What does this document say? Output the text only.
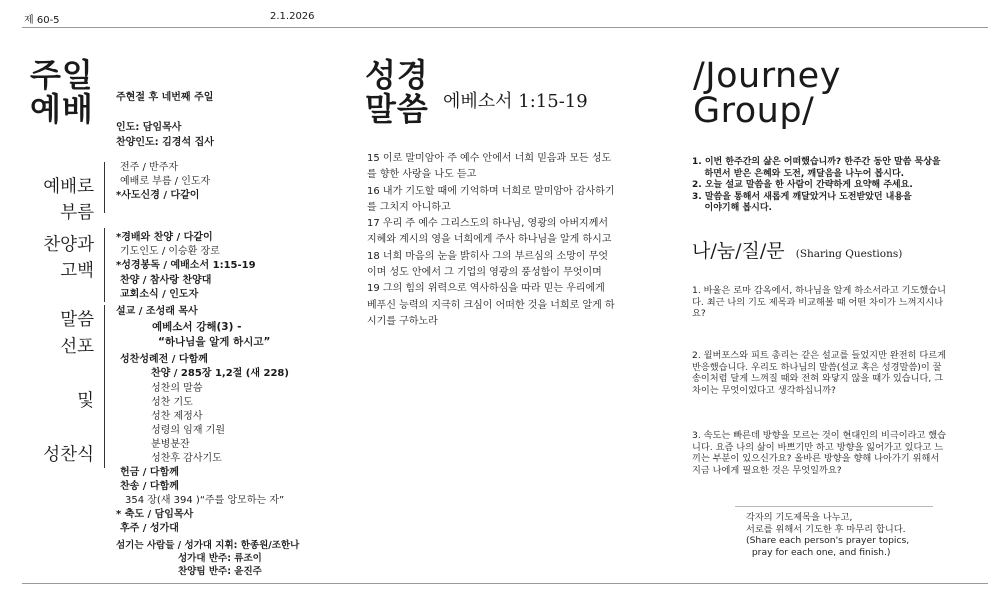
제 60-5	2.1.2026
주일
예배 주현절 후 네번째 주일
인도: 담임목사
찬양인도: 김경석 집사
예배로
부름
찬양과
고백
말씀
선포

및

성찬식
전주 / 반주자
예배로 부름 / 인도자
*사도신경 / 다같이
*경배와 찬양 / 다같이
기도인도 / 이승환 장로
*성경봉독 / 예배소서 1:15-19
찬양 / 참사랑 찬양대
교회소식 / 인도자
설교 / 조성래 목사
예베소서 강해(3) -
“하나님을 알게 하시고”
성찬성례전 / 다함께
찬양 / 285장 1,2절 (새 228)
성찬의 말씀
성찬 기도
성찬 제정사
성령의 임재 기원
분병분잔
성찬후 감사기도
헌금 / 다함께
찬송 / 다함께
354 장(새 394 )“주를 앙모하는 자”
* 축도 / 담임목사
후주 / 성가대
섬기는 사람들 / 성가대 지휘: 한종원/조한나
성가대 반주: 류조이
찬양팀 반주: 윤진주
성경
말씀 에베소서 1:15-19
15 이로 말미암아 주 예수 안에서 너희 믿음과 모든 성도
를 향한 사랑을 나도 듣고
16 내가 기도할 때에 기억하며 너희로 말미암아 감사하기
를 그치지 아니하고
17 우리 주 예수 그리스도의 하나님, 영광의 아버지께서
지혜와 계시의 영을 너희에게 주사 하나님을 알게 하시고
18 너희 마음의 눈을 밝히사 그의 부르심의 소망이 무엇
이며 성도 안에서 그 기업의 영광의 풍성함이 무엇이며
19 그의 힘의 위력으로 역사하심을 따라 믿는 우리에게
베푸신 능력의 지극히 크심이 어떠한 것을 너희로 알게 하
시기를 구하노라
/Journey
Group/
1. 이번 한주간의 삶은 어떠했습니까? 한주간 동안 말씀 묵상을
하면서 받은 은혜와 도전, 깨달음을 나누어 봅시다.
2. 오늘 설교 말씀을 한 사람이 간략하게 요약해 주세요.
3. 말씀을 통해서 새롭게 깨달았거나 도전받았던 내용을
이야기해 봅시다.
나/눔/질/문 (Sharing Questions)
1. 바울은 로마 감옥에서, 하나님을 알게 하소서라고 기도했습니
다. 최근 나의 기도 제목과 비교해볼 때 어떤 차이가 느껴지시나
요?
2. 윌버포스와 피트 총리는 같은 설교를 들었지만 완전히 다르게
반응했습니다. 우리도 하나님의 말씀(설교 혹은 성경말씀)이 꿀
송이처럼 달게 느껴질 때와 전혀 와닿지 않을 때가 있습니다, 그
차이는 무엇이었다고 생각하십니까?
3. 속도는 빠른데 방향을 모르는 것이 현대인의 비극이라고 했습
니다. 요즘 나의 삶이 바쁘기만 하고 방향을 잃어가고 있다고 느
끼는 부분이 있으신가요? 올바른 방향을 향해 나아가기 위해서
지금 나에게 필요한 것은 무엇일까요?
각자의 기도제목을 나누고,
서로를 위해서 기도한 후 마무리 합니다.
(Share each person's prayer topics,
pray for each one, and finish.)
